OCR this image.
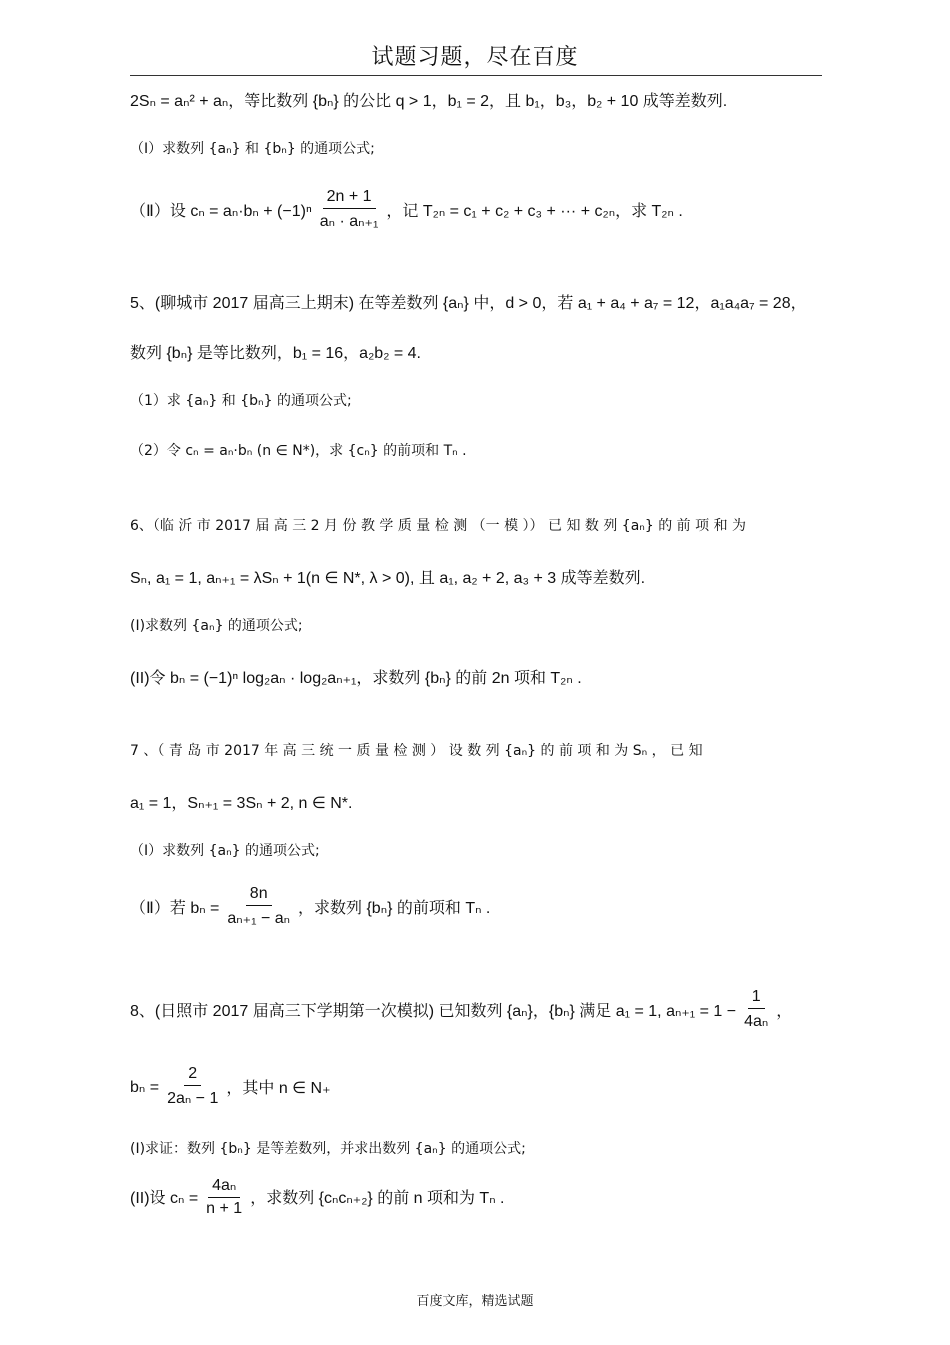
试题习题，尽在百度
2Sₙ = aₙ² + aₙ，等比数列 {bₙ} 的公比 q > 1，b₁ = 2，且 b₁，b₃，b₂ + 10 成等差数列.
（Ⅰ）求数列 {aₙ} 和 {bₙ} 的通项公式;
（Ⅱ）设 $c_n = a_n\cdot b_n + (-1)^n \frac{2n + 1}{\text{aₙ · aₙ₊₁}}$ ，记 T₂ₙ = c₁ + c₂ + c₃ + ··· + c₂ₙ，求 T₂ₙ .
5、(聊城市 2017 届高三上期末) 在等差数列 {aₙ} 中，d > 0，若 a₁ + a₄ + a₇ = 12，a₁a₄a₇ = 28，
数列 {bₙ} 是等比数列，b₁ = 16，a₂b₂ = 4.
（1）求 {aₙ} 和 {bₙ} 的通项公式;
（2）令 cₙ = aₙ·bₙ (n ∈ N*)，求 {cₙ} 的前项和 Tₙ .
6、（临 沂 市 2017 届 高 三 2 月 份 教 学 质 量 检 测 （一 模 ）） 已 知 数 列 {aₙ} 的 前 项 和 为
Sₙ, a₁ = 1, aₙ₊₁ = λSₙ + 1(n ∈ N*, λ > 0), 且 a₁, a₂ + 2, a₃ + 3 成等差数列.
(I)求数列 {aₙ} 的通项公式;
(II)令 bₙ = (−1)ⁿ log₂aₙ · log₂aₙ₊₁，求数列 {bₙ} 的前 2n 项和 T₂ₙ .
7 、（ 青 岛 市 2017 年 高 三 统 一 质 量 检 测 ） 设 数 列 {aₙ} 的 前 项 和 为 Sₙ ， 已 知
a₁ = 1，Sₙ₊₁ = 3Sₙ + 2, n ∈ N*.
（Ⅰ）求数列 {aₙ} 的通项公式;
（Ⅱ）若 $b_n = \frac{8n}{\text{aₙ₊₁ − aₙ}}$ ，求数列 {bₙ} 的前项和 Tₙ .
8、(日照市 2017 届高三下学期第一次模拟) 已知数列 {aₙ}，{bₙ} 满足 a₁ = 1, $a_{n+1} = 1 - \frac{1}{\text{4aₙ}}$ ，
$b_n = \frac{2}{\text{2aₙ − 1}}$ ，其中 n ∈ N₊
(I)求证：数列 {bₙ} 是等差数列，并求出数列 {aₙ} 的通项公式;
(II)设 $c_n = \frac{\text{4aₙ}}{n + 1}$ ，求数列 {cₙcₙ₊₂} 的前 n 项和为 Tₙ .
百度文库，精选试题
